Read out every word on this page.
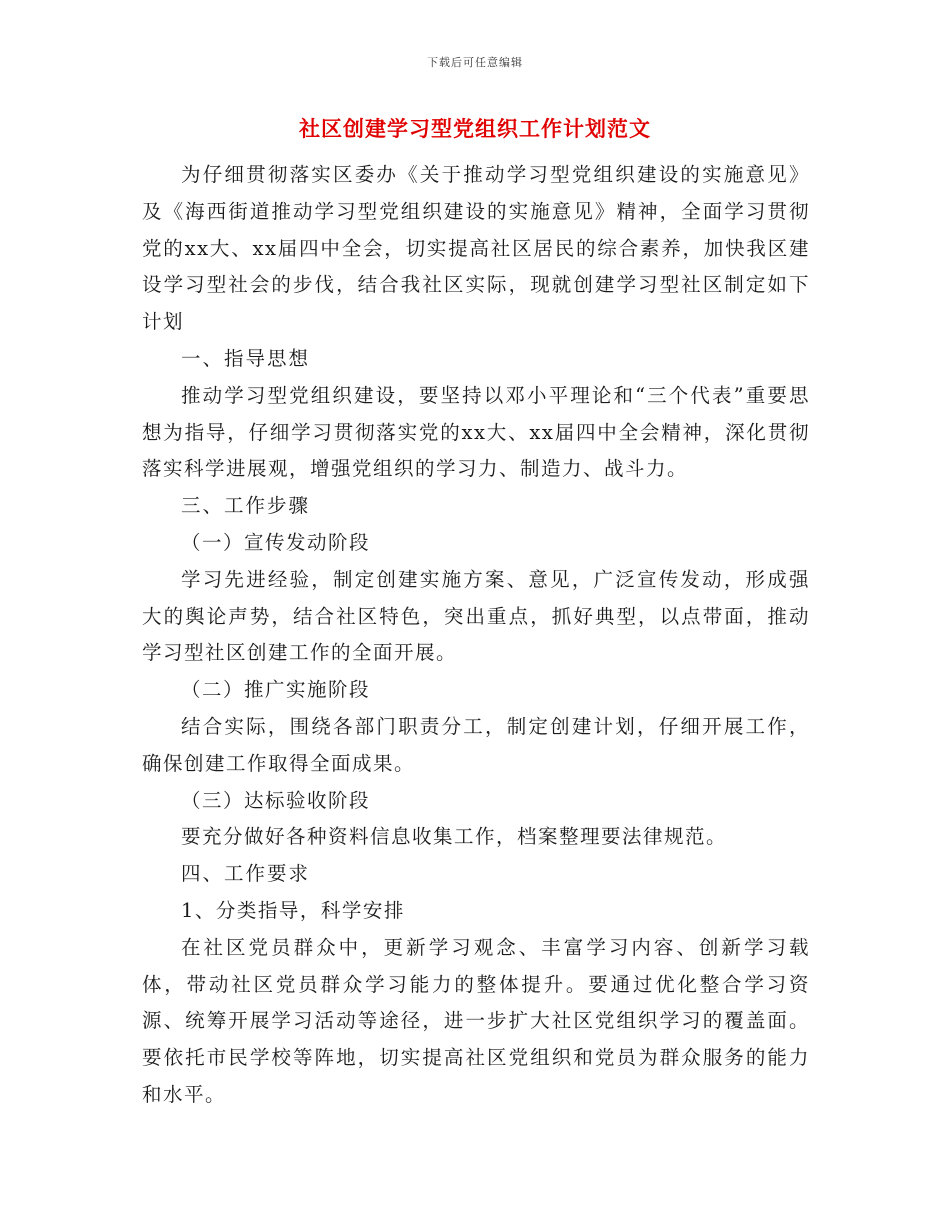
下载后可任意编辑
社区创建学习型党组织工作计划范文

为仔细贯彻落实区委办《关于推动学习型党组织建设的实施意见》及《海西街道推动学习型党组织建设的实施意见》精神，全面学习贯彻党的xx大、xx届四中全会，切实提高社区居民的综合素养，加快我区建设学习型社会的步伐，结合我社区实际，现就创建学习型社区制定如下计划

一、指导思想

推动学习型党组织建设，要坚持以邓小平理论和“三个代表”重要思想为指导，仔细学习贯彻落实党的xx大、xx届四中全会精神，深化贯彻落实科学进展观，增强党组织的学习力、制造力、战斗力。

三、工作步骤

（一）宣传发动阶段

学习先进经验，制定创建实施方案、意见，广泛宣传发动，形成强大的舆论声势，结合社区特色，突出重点，抓好典型，以点带面，推动学习型社区创建工作的全面开展。

（二）推广实施阶段

结合实际，围绕各部门职责分工，制定创建计划，仔细开展工作，确保创建工作取得全面成果。

（三）达标验收阶段

要充分做好各种资料信息收集工作，档案整理要法律规范。

四、工作要求

1、分类指导，科学安排

在社区党员群众中，更新学习观念、丰富学习内容、创新学习载体，带动社区党员群众学习能力的整体提升。要通过优化整合学习资源、统筹开展学习活动等途径，进一步扩大社区党组织学习的覆盖面。要依托市民学校等阵地，切实提高社区党组织和党员为群众服务的能力和水平。
